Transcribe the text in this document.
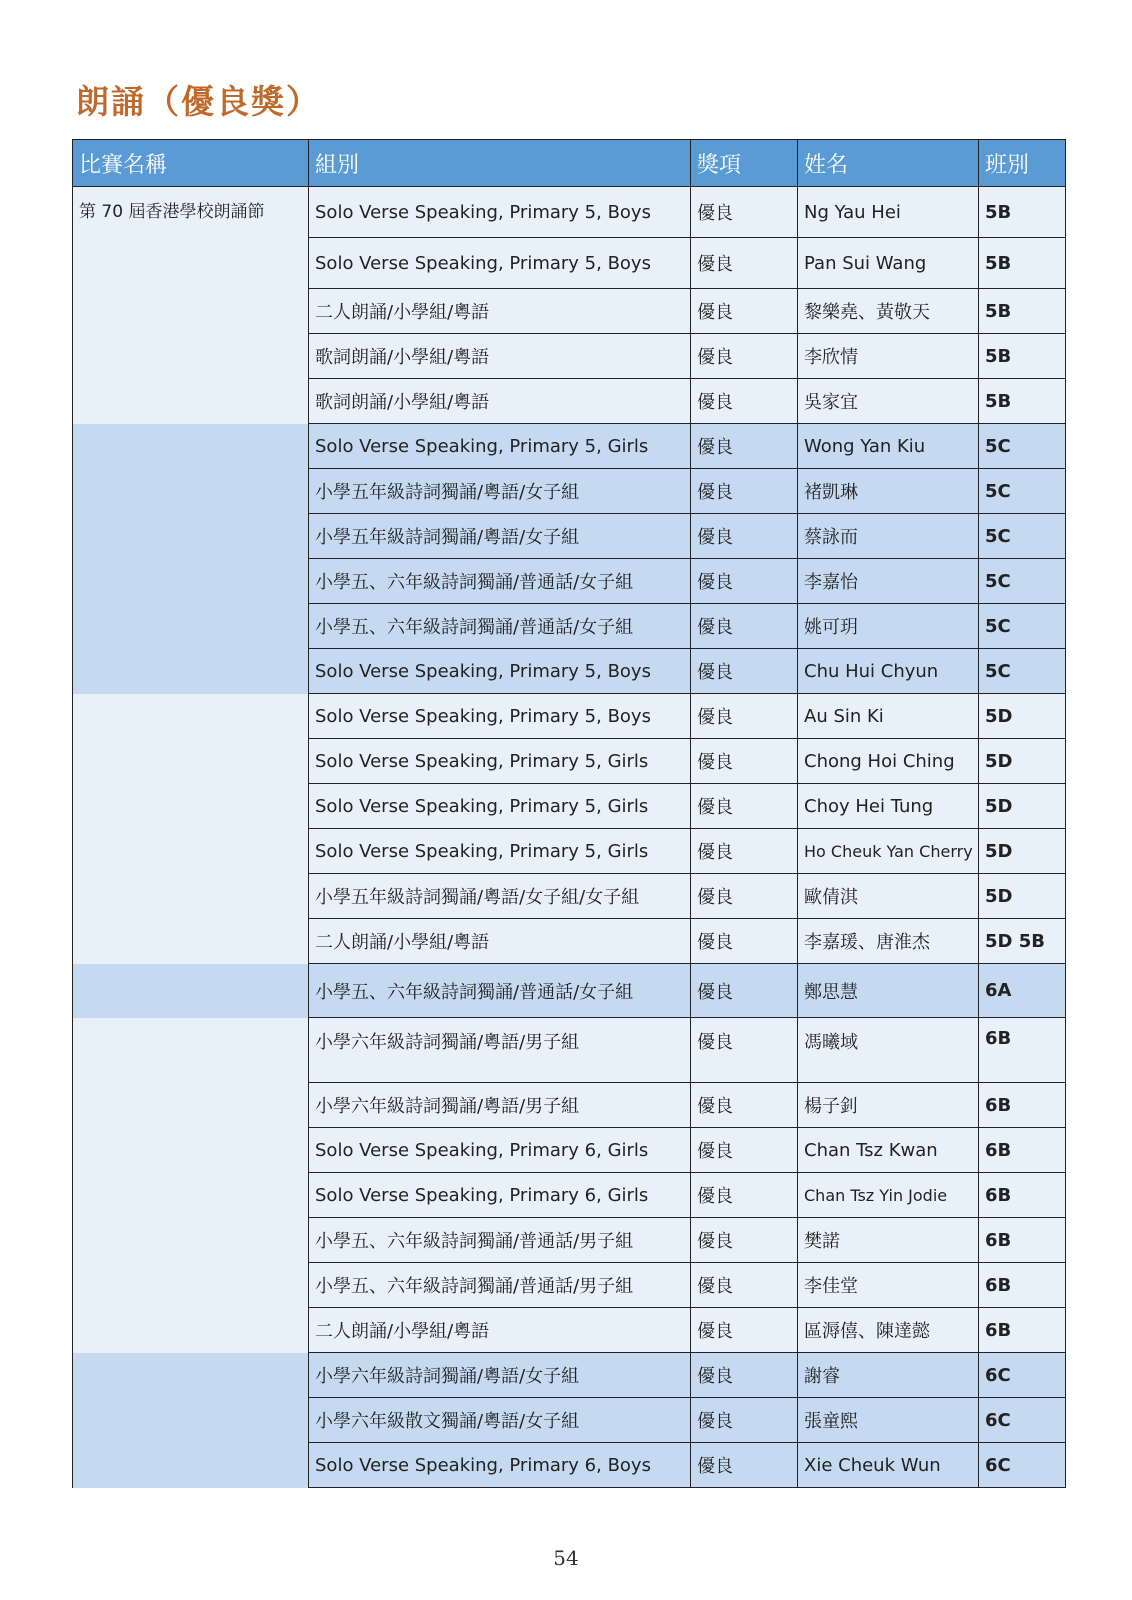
朗誦（優良獎）
比賽名稱	組別	獎項	姓名	班別
第 70 屆香港學校朗誦節	Solo Verse Speaking, Primary 5, Boys	優良	Ng Yau Hei	5B
	Solo Verse Speaking, Primary 5, Boys	優良	Pan Sui Wang	5B
	二人朗誦/小學組/粵語	優良	黎樂堯、黃敬天	5B
	歌詞朗誦/小學組/粵語	優良	李欣情	5B
	歌詞朗誦/小學組/粵語	優良	吳家宜	5B
	Solo Verse Speaking, Primary 5, Girls	優良	Wong Yan Kiu	5C
	小學五年級詩詞獨誦/粵語/女子組	優良	褚凱琳	5C
	小學五年級詩詞獨誦/粵語/女子組	優良	蔡詠而	5C
	小學五、六年級詩詞獨誦/普通話/女子組	優良	李嘉怡	5C
	小學五、六年級詩詞獨誦/普通話/女子組	優良	姚可玥	5C
	Solo Verse Speaking, Primary 5, Boys	優良	Chu Hui Chyun	5C
	Solo Verse Speaking, Primary 5, Boys	優良	Au Sin Ki	5D
	Solo Verse Speaking, Primary 5, Girls	優良	Chong Hoi Ching	5D
	Solo Verse Speaking, Primary 5, Girls	優良	Choy Hei Tung	5D
	Solo Verse Speaking, Primary 5, Girls	優良	Ho Cheuk Yan Cherry	5D
	小學五年級詩詞獨誦/粵語/女子組/女子組	優良	歐倩淇	5D
	二人朗誦/小學組/粵語	優良	李嘉瑗、唐淮杰	5D 5B
	小學五、六年級詩詞獨誦/普通話/女子組	優良	鄭思慧	6A
	小學六年級詩詞獨誦/粵語/男子組	優良	馮曦域	6B
	小學六年級詩詞獨誦/粵語/男子組	優良	楊子釗	6B
	Solo Verse Speaking, Primary 6, Girls	優良	Chan Tsz Kwan	6B
	Solo Verse Speaking, Primary 6, Girls	優良	Chan Tsz Yin Jodie	6B
	小學五、六年級詩詞獨誦/普通話/男子組	優良	樊諾	6B
	小學五、六年級詩詞獨誦/普通話/男子組	優良	李佳堂	6B
	二人朗誦/小學組/粵語	優良	區溽僖、陳達懿	6B
	小學六年級詩詞獨誦/粵語/女子組	優良	謝睿	6C
	小學六年級散文獨誦/粵語/女子組	優良	張童熙	6C
	Solo Verse Speaking, Primary 6, Boys	優良	Xie Cheuk Wun	6C
54
